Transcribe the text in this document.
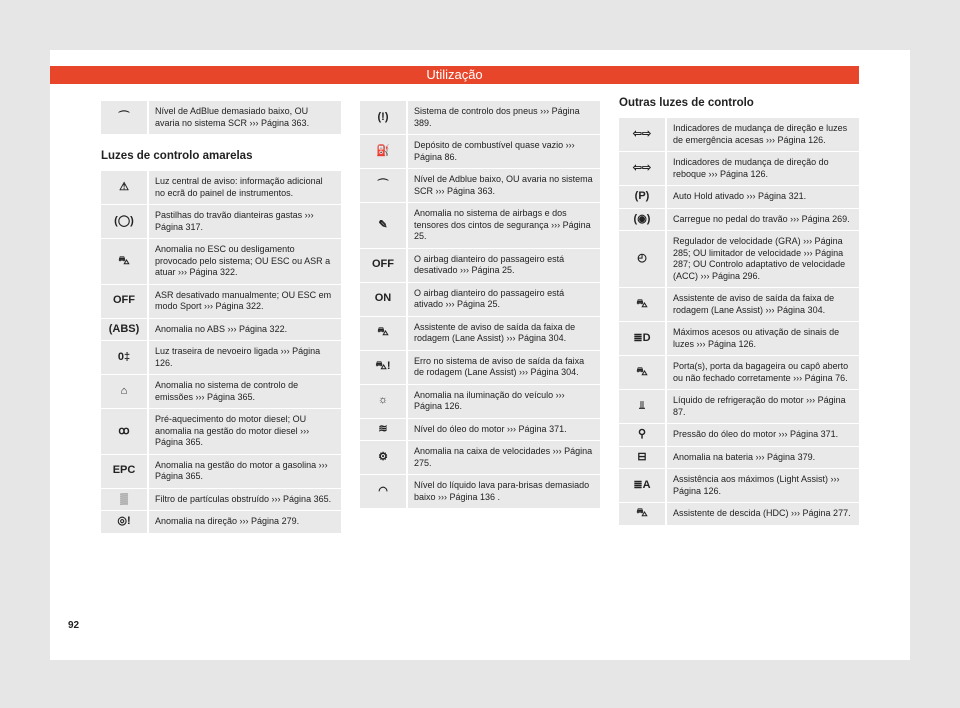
Utilização
⌒	Nível de AdBlue demasiado baixo, OU avaria no sistema SCR ››› Página 363.

Luzes de controlo amarelas

⚠	Luz central de aviso: informação adicional no ecrã do painel de instrumentos.
(◯)	Pastilhas do travão dianteiras gastas ››› Página 317.
⛍	Anomalia no ESC ou desligamento provocado pelo sistema; OU ESC ou ASR a atuar ››› Página 322.
OFF	ASR desativado manualmente; OU ESC em modo Sport ››› Página 322.
(ABS)	Anomalia no ABS ››› Página 322.
0‡	Luz traseira de nevoeiro ligada ››› Página 126.
⌂	Anomalia no sistema de controlo de emissões ››› Página 365.
ꝏ	Pré-aquecimento do motor diesel; OU anomalia na gestão do motor diesel ››› Página 365.
EPC	Anomalia na gestão do motor a gasolina ››› Página 365.
▒	Filtro de partículas obstruído ››› Página 365.
◎!	Anomalia na direção ››› Página 279.
(!)	Sistema de controlo dos pneus ››› Página 389.
⛽	Depósito de combustível quase vazio ››› Página 86.
⌒	Nível de Adblue baixo, OU avaria no sistema SCR ››› Página 363.
✎	Anomalia no sistema de airbags e dos tensores dos cintos de segurança ››› Página 25.
OFF	O airbag dianteiro do passageiro está desativado ››› Página 25.
ON	O airbag dianteiro do passageiro está ativado ››› Página 25.
⛍	Assistente de aviso de saída da faixa de rodagem (Lane Assist) ››› Página 304.
⛍!	Erro no sistema de aviso de saída da faixa de rodagem (Lane Assist) ››› Página 304.
☼	Anomalia na iluminação do veículo ››› Página 126.
≋	Nível do óleo do motor ››› Página 371.
⚙	Anomalia na caixa de velocidades ››› Página 275.
◠	Nível do líquido lava para-brisas demasiado baixo ››› Página 136 .

Outras luzes de controlo

⇦⇨	Indicadores de mudança de direção e luzes de emergência acesas ››› Página 126.
⇦⇨	Indicadores de mudança de direção do reboque ››› Página 126.
(P)	Auto Hold ativado ››› Página 321.
(◉)	Carregue no pedal do travão ››› Página 269.
◴	Regulador de velocidade (GRA) ››› Página 285; OU limitador de velocidade ››› Página 287; OU Controlo adaptativo de velocidade (ACC) ››› Página 296.
⛍	Assistente de aviso de saída da faixa de rodagem (Lane Assist) ››› Página 304.
≣D	Máximos acesos ou ativação de sinais de luzes ››› Página 126.
⛍	Porta(s), porta da bagageira ou capô aberto ou não fechado corretamente ››› Página 76.
⫫	Líquido de refrigeração do motor ››› Página 87.
⚲	Pressão do óleo do motor ››› Página 371.
⊟	Anomalia na bateria ››› Página 379.
≣A	Assistência aos máximos (Light Assist) ››› Página 126.
⛍	Assistente de descida (HDC) ››› Página 277.
92
